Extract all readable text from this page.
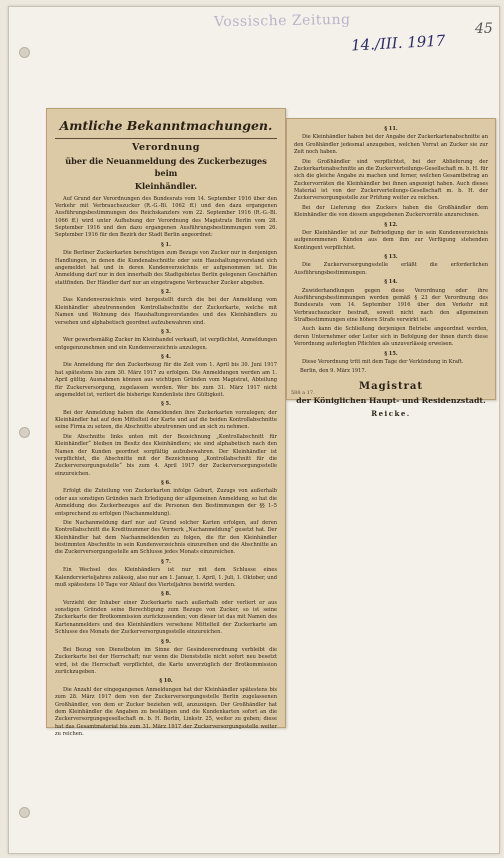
Vossische Zeitung
14./III. 1917
45
Amtliche Bekanntmachungen.
Verordnung
über die Neuanmeldung des Zuckerbezuges beim
Kleinhändler.
Auf Grund der Verordnungen des Bundesrats vom 14. September 1916 über den Verkehr mit Verbrauchszucker (R.-G.-Bl. 1062 ff.) und den dazu ergangenen Ausführungsbestimmungen des Reichskanzlers vom 22. September 1916 (R.-G.-Bl. 1066 ff.) wird unter Aufhebung der Verordnung des Magistrats Berlin vom 28. September 1916 und den dazu ergangenen Ausführungsbestimmungen vom 26. September 1916 für den Bezirk der Stadt Berlin angeordnet:
§ 1.
Die Berliner Zuckerkarten berechtigen zum Bezuge von Zucker nur in denjenigen Handlungen, in denen die Kundenabschnitte oder sein Haushaltungsvorstand sich angemeldet hat und in deren Kundenverzeichnis er aufgenommen ist. Die Anmeldung darf nur in den innerhalb des Stadtgebietes Berlin gelegenen Geschäften stattfinden. Der Händler darf nur an eingetragene Verbraucher Zucker abgeben.
§ 2.
Das Kundenverzeichnis wird hergestellt durch die bei der Anmeldung vom Kleinhändler abzutrennenden Kontrollabschnitte der Zuckerkarte, welche mit Namen und Wohnung des Haushaltungsvorstandes und des Kleinhändlers zu versehen und alphabetisch geordnet aufzubewahren sind.
§ 3.
Wer gewerbsmäßig Zucker im Kleinhandel verkauft, ist verpflichtet, Anmeldungen entgegenzunehmen und ein Kundenverzeichnis anzulegen.
§ 4.
Die Anmeldung für den Zuckerbezug für die Zeit vom 1. April bis 30. Juni 1917 hat spätestens bis zum 30. März 1917 zu erfolgen. Die Anmeldungen werden am 1. April gültig. Ausnahmen können aus wichtigen Gründen vom Magistrat, Abteilung für Zuckerversorgung, zugelassen werden. Wer bis zum 31. März 1917 nicht angemeldet ist, verliert die bisherige Kundenliste ihre Gültigkeit.
§ 5.
Bei der Anmeldung haben die Anmeldenden ihre Zuckerkarten vorzulegen; der Kleinhändler hat auf dem Mittelteil der Karte und auf die beiden Kontrollabschnitte seine Firma zu setzen, die Abschnitte abzutrennen und an sich zu nehmen.
Die Abschnitte links unten mit der Bezeichnung „Kontrollabschnitt für Kleinhändler“ bleiben im Besitz des Kleinhändlers; sie sind alphabetisch nach den Namen der Kunden geordnet sorgfältig aufzubewahren. Der Kleinhändler ist verpflichtet, die Abschnitte mit der Bezeichnung „Kontrollabschnitt für die Zuckerversorgungsstelle“ bis zum 4. April 1917 der Zuckerversorgungsstelle einzureichen.
§ 6.
Erfolgt die Zuteilung von Zuckerkarten infolge Geburt, Zuzugs von außerhalb oder aus sonstigen Gründen nach Erledigung der allgemeinen Anmeldung, so hat die Anmeldung des Zuckerbezuges auf die Personen den Bestimmungen der §§ 1–5 entsprechend zu erfolgen (Nachanmeldung).
Die Nachanmeldung darf nur auf Grund solcher Karten erfolgen, auf deren Kontrollabschnitt die Kreditnummer des Vermerk „Nachanmeldung“ gesetzt hat. Der Kleinhändler hat dem Nachanmeldenden zu folgen, die für den Kleinhändler bestimmten Abschnitte in sein Kundenverzeichnis einzureihen und die Abschnitte an die Zuckerversorgungsstelle am Schlusse jedes Monats einzureichen.
§ 7.
Ein Wechsel des Kleinhändlers ist nur mit dem Schlusse eines Kalendervierteljahres zulässig, also nur am 1. Januar, 1. April, 1. Juli, 1. Oktober, und muß spätestens 10 Tage vor Ablauf des Vierteljahres bewirkt werden.
§ 8.
Verzieht der Inhaber einer Zuckerkarte nach außerhalb oder verliert er aus sonstigen Gründen seine Berechtigung zum Bezuge von Zucker, so ist seine Zuckerkarte der Brotkommission zurückzusenden; von dieser ist das mit Namen des Kartenanmelders und des Kleinhändlers versehene Mittelteil der Zuckerkarte am Schlusse des Monats der Zuckerversorgungsstelle einzureichen.
§ 9.
Bei Bezug von Dienstboten im Sinne der Gesindeverordnung verbleibt die Zuckerkarte bei der Herrschaft; nur wenn die Dienststelle nicht sofort neu besetzt wird, ist die Herrschaft verpflichtet, die Karte unverzüglich der Brotkommission zurückzugeben.
§ 10.
Die Anzahl der eingegangenen Anmeldungen hat der Kleinhändler spätestens bis zum 28. März 1917 dem von der Zuckerversorgungsstelle Berlin zugelassenen Großhändler, von dem er Zucker beziehen will, anzuzeigen. Der Großhändler hat dem Kleinhändler die Angaben zu bestätigen und die Kundenkarten sofort an die Zuckerversorgungsgesellschaft m. b. H. Berlin, Linkstr. 25, weiter zu geben; diese hat das Gesamtmaterial bis zum 31. März 1917 der Zuckerversorgungsstelle weiter zu reichen.
§ 11.
Die Kleinhändler haben bei der Angabe der Zuckerkartenabschnitte an den Großhändler jedesmal anzugeben, welchen Vorrat an Zucker sie zur Zeit noch haben.
Die Großhändler sind verpflichtet, bei der Ablieferung der Zuckerkartenabschnitte an die Zuckerverteilungs-Gesellschaft m. b. H. für sich die gleiche Angabe zu machen und ferner, welchen Gesamtbetrag an Zuckervorräten die Kleinhändler bei ihnen angezeigt haben. Auch dieses Material ist von der Zuckerverteilungs-Gesellschaft m. b. H. der Zuckerversorgungsstelle zur Prüfung weiter zu reichen.
Bei der Lieferung des Zuckers haben die Großhändler dem Kleinhändler die von diesem angegebenen Zuckervorräte anzurechnen.
§ 12.
Der Kleinhändler ist zur Befriedigung der in sein Kundenverzeichnis aufgenommenen Kunden aus dem ihm zur Verfügung stehenden Kontingent verpflichtet.
§ 13.
Die Zuckerversorgungsstelle erläßt die erforderlichen Ausführungsbestimmungen.
§ 14.
Zuwiderhandlungen gegen diese Verordnung oder ihre Ausführungsbestimmungen werden gemäß § 23 der Verordnung des Bundesrats vom 14. September 1916 über den Verkehr mit Verbrauchszucker bestraft, soweit nicht nach den allgemeinen Strafbestimmungen eine höhere Strafe verwirkt ist.
Auch kann die Schließung derjenigen Betriebe angeordnet werden, deren Unternehmer oder Leiter sich in Befolgung der ihnen durch diese Verordnung auferlegten Pflichten als unzuverlässig erweisen.
§ 15.
Diese Verordnung tritt mit dem Tage der Verkündung in Kraft.
Berlin, den 9. März 1917.
Magistrat
der Königlichen Haupt- und Residenzstadt.
Reicke.
588 a 17.
